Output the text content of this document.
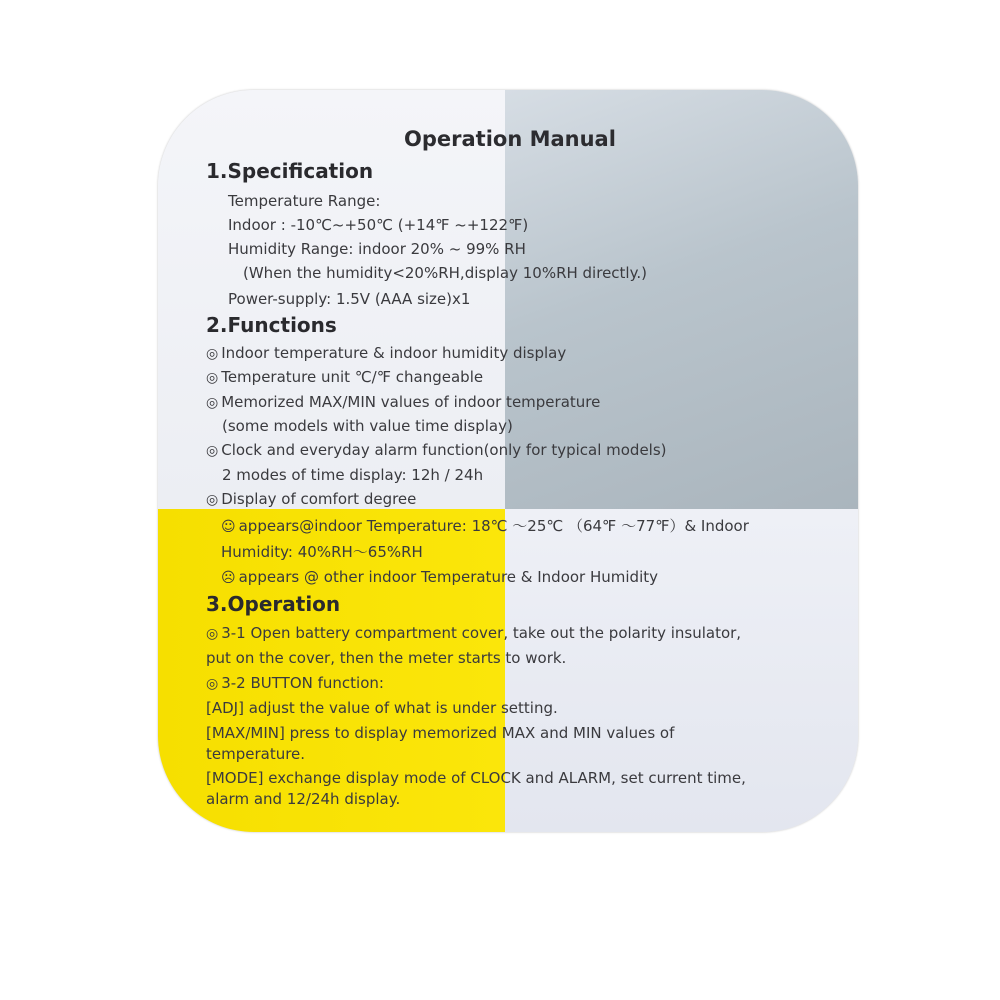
Operation Manual
1.Specification
Temperature Range:
Indoor : -10℃~+50℃ (+14℉ ~+122℉)
Humidity Range: indoor 20% ~ 99% RH
(When the humidity<20%RH,display 10%RH directly.)
Power-supply: 1.5V (AAA size)x1
2.Functions
◎ Indoor temperature & indoor humidity display
◎ Temperature unit ℃/℉ changeable
◎ Memorized MAX/MIN values of indoor temperature
(some models with value time display)
◎ Clock and everyday alarm function(only for typical models)
2 modes of time display: 12h / 24h
◎ Display of comfort degree
☺ appears@indoor Temperature: 18℃ ～25℃ （64℉ ～77℉）& Indoor
Humidity: 40%RH～65%RH
☹ appears @ other indoor Temperature & Indoor Humidity
3.Operation
◎ 3-1 Open battery compartment cover, take out the polarity insulator,
put on the cover, then the meter starts to work.
◎ 3-2 BUTTON function:
[ADJ] adjust the value of what is under setting.
[MAX/MIN] press to display memorized MAX and MIN values of
temperature.
[MODE] exchange display mode of CLOCK and ALARM, set current time,
alarm and 12/24h display.
